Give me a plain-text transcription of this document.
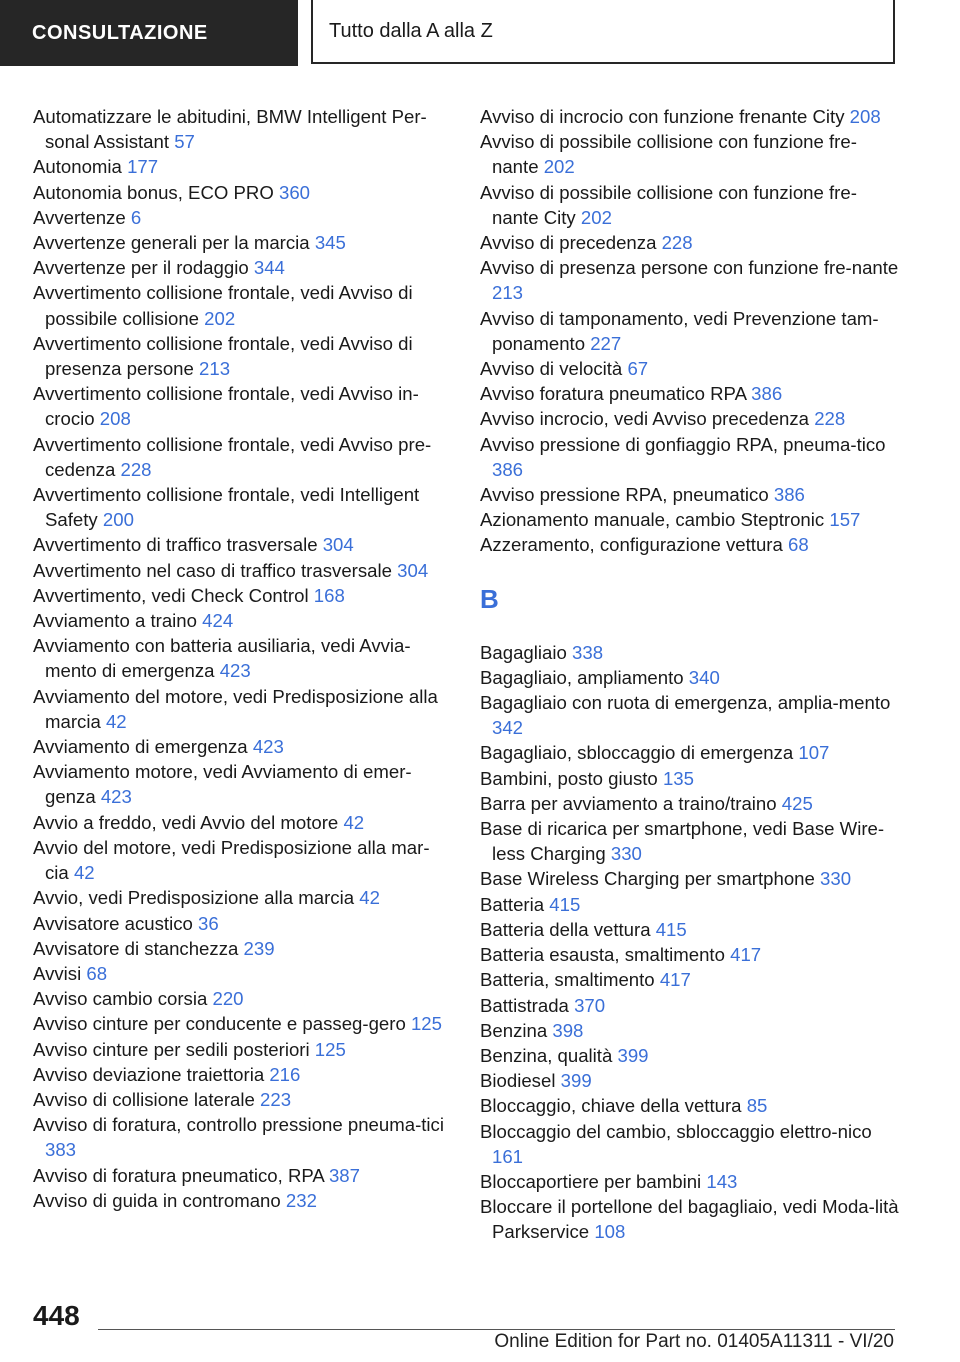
CONSULTAZIONE	Tutto dalla A alla Z
Automatizzare le abitudini, BMW Intelligent Per-sonal Assistant 57
Autonomia 177
Autonomia bonus, ECO PRO 360
Avvertenze 6
Avvertenze generali per la marcia 345
Avvertenze per il rodaggio 344
Avvertimento collisione frontale, vedi Avviso di possibile collisione 202
Avvertimento collisione frontale, vedi Avviso di presenza persone 213
Avvertimento collisione frontale, vedi Avviso in-crocio 208
Avvertimento collisione frontale, vedi Avviso pre-cedenza 228
Avvertimento collisione frontale, vedi Intelligent Safety 200
Avvertimento di traffico trasversale 304
Avvertimento nel caso di traffico trasversale 304
Avvertimento, vedi Check Control 168
Avviamento a traino 424
Avviamento con batteria ausiliaria, vedi Avvia-mento di emergenza 423
Avviamento del motore, vedi Predisposizione alla marcia 42
Avviamento di emergenza 423
Avviamento motore, vedi Avviamento di emer-genza 423
Avvio a freddo, vedi Avvio del motore 42
Avvio del motore, vedi Predisposizione alla mar-cia 42
Avvio, vedi Predisposizione alla marcia 42
Avvisatore acustico 36
Avvisatore di stanchezza 239
Avvisi 68
Avviso cambio corsia 220
Avviso cinture per conducente e passeg-gero 125
Avviso cinture per sedili posteriori 125
Avviso deviazione traiettoria 216
Avviso di collisione laterale 223
Avviso di foratura, controllo pressione pneuma-tici 383
Avviso di foratura pneumatico, RPA 387
Avviso di guida in contromano 232
Avviso di incrocio con funzione frenante City 208
Avviso di possibile collisione con funzione fre-nante 202
Avviso di possibile collisione con funzione fre-nante City 202
Avviso di precedenza 228
Avviso di presenza persone con funzione fre-nante 213
Avviso di tamponamento, vedi Prevenzione tam-ponamento 227
Avviso di velocità 67
Avviso foratura pneumatico RPA 386
Avviso incrocio, vedi Avviso precedenza 228
Avviso pressione di gonfiaggio RPA, pneuma-tico 386
Avviso pressione RPA, pneumatico 386
Azionamento manuale, cambio Steptronic 157
Azzeramento, configurazione vettura 68
B
Bagagliaio 338
Bagagliaio, ampliamento 340
Bagagliaio con ruota di emergenza, amplia-mento 342
Bagagliaio, sbloccaggio di emergenza 107
Bambini, posto giusto 135
Barra per avviamento a traino/traino 425
Base di ricarica per smartphone, vedi Base Wire-less Charging 330
Base Wireless Charging per smartphone 330
Batteria 415
Batteria della vettura 415
Batteria esausta, smaltimento 417
Batteria, smaltimento 417
Battistrada 370
Benzina 398
Benzina, qualità 399
Biodiesel 399
Bloccaggio, chiave della vettura 85
Bloccaggio del cambio, sbloccaggio elettro-nico 161
Bloccaportiere per bambini 143
Bloccare il portellone del bagagliaio, vedi Moda-lità Parkservice 108
448
Online Edition for Part no. 01405A11311 - VI/20
